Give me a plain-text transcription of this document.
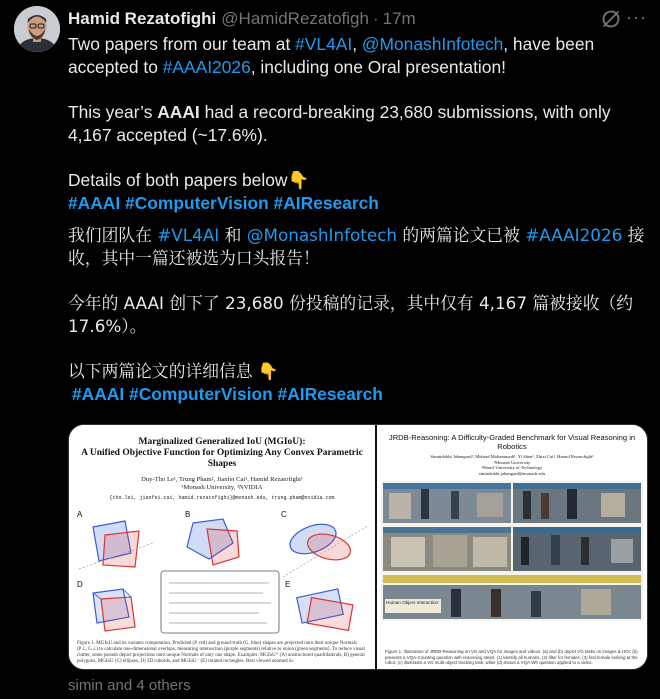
Hamid Rezatofighi @HamidRezatofigh · 17m	···

Two papers from our team at #VL4AI, @MonashInfotech, have been accepted to #AAAI2026, including one Oral presentation!

This year’s AAAI had a record-breaking 23,680 submissions, with only 4,167 accepted (~17.6%).

Details of both papers below👇

#AAAI #ComputerVision #AIResearch

我们团队在 #VL4AI 和 @MonashInfotech 的两篇论文已被 #AAAI2026 接

收，其中一篇还被选为口头报告！

今年的 AAAI 创下了 23,680 份投稿的记录，其中仅有 4,167 篇被接收（约

17.6%）。

以下两篇论文的详细信息 👇

#AAAI #ComputerVision #AIResearch

Marginalized Generalized IoU (MGIoU):
A Unified Objective Function for Optimizing Any Convex Parametric Shapes
Duy-Tho Le¹, Trung Pham², Jianfei Cai¹, Hamid Rezatofighi¹
¹Monash University, ²NVIDIA
{tho.le1, jianfei.cai, hamid.rezatofighi}@monash.edu, trung.pham@nvidia.com
A	B	C
D	E
Figure 1. MGIoU and its variants computation. Predicted (P, red) and ground-truth (G, blue) shapes are projected onto their unique Normals (P⊥, G⊥) to calculate one-dimensional overlaps, measuring intersection (purple segments) relative to union (green segments). To reduce visual clutter, some pseudo depict projections onto unique Normals of only one shape. Examples: MGIoU⁺ (A) unstructured quadrilaterals, B) general polygons, MGIoU (C) ellipses, D) 3D cuboids, and MGIoU⁻ (E) rotated rectangles. Best viewed zoomed in.
JRDB-Reasoning: A Difficulty-Graded Benchmark for Visual Reasoning in Robotics
Simindokht Jahangard¹, Mehrad Mohammadi¹, Yi Shen¹, Zhixi Cai¹, Hamid Rezatofighi¹
¹Monash University
²Sharif University of Technology
simindokht.jahangard@monash.edu
Human Object Interaction:
Figure 1: Illustration of JRDB-Reasoning on VG and VQA for images and videos. (a) and (b) depict VG tasks on images & HOI; (b) presents a VQA-Counting question with reasoning steps: (1) identify all humans, (2) filter for females, (3) find female looking at the robot. (c) illustrates a VG multi-object tracking task, while (d) shows a VQA-Wh question applied to a video.
simin and 4 others
